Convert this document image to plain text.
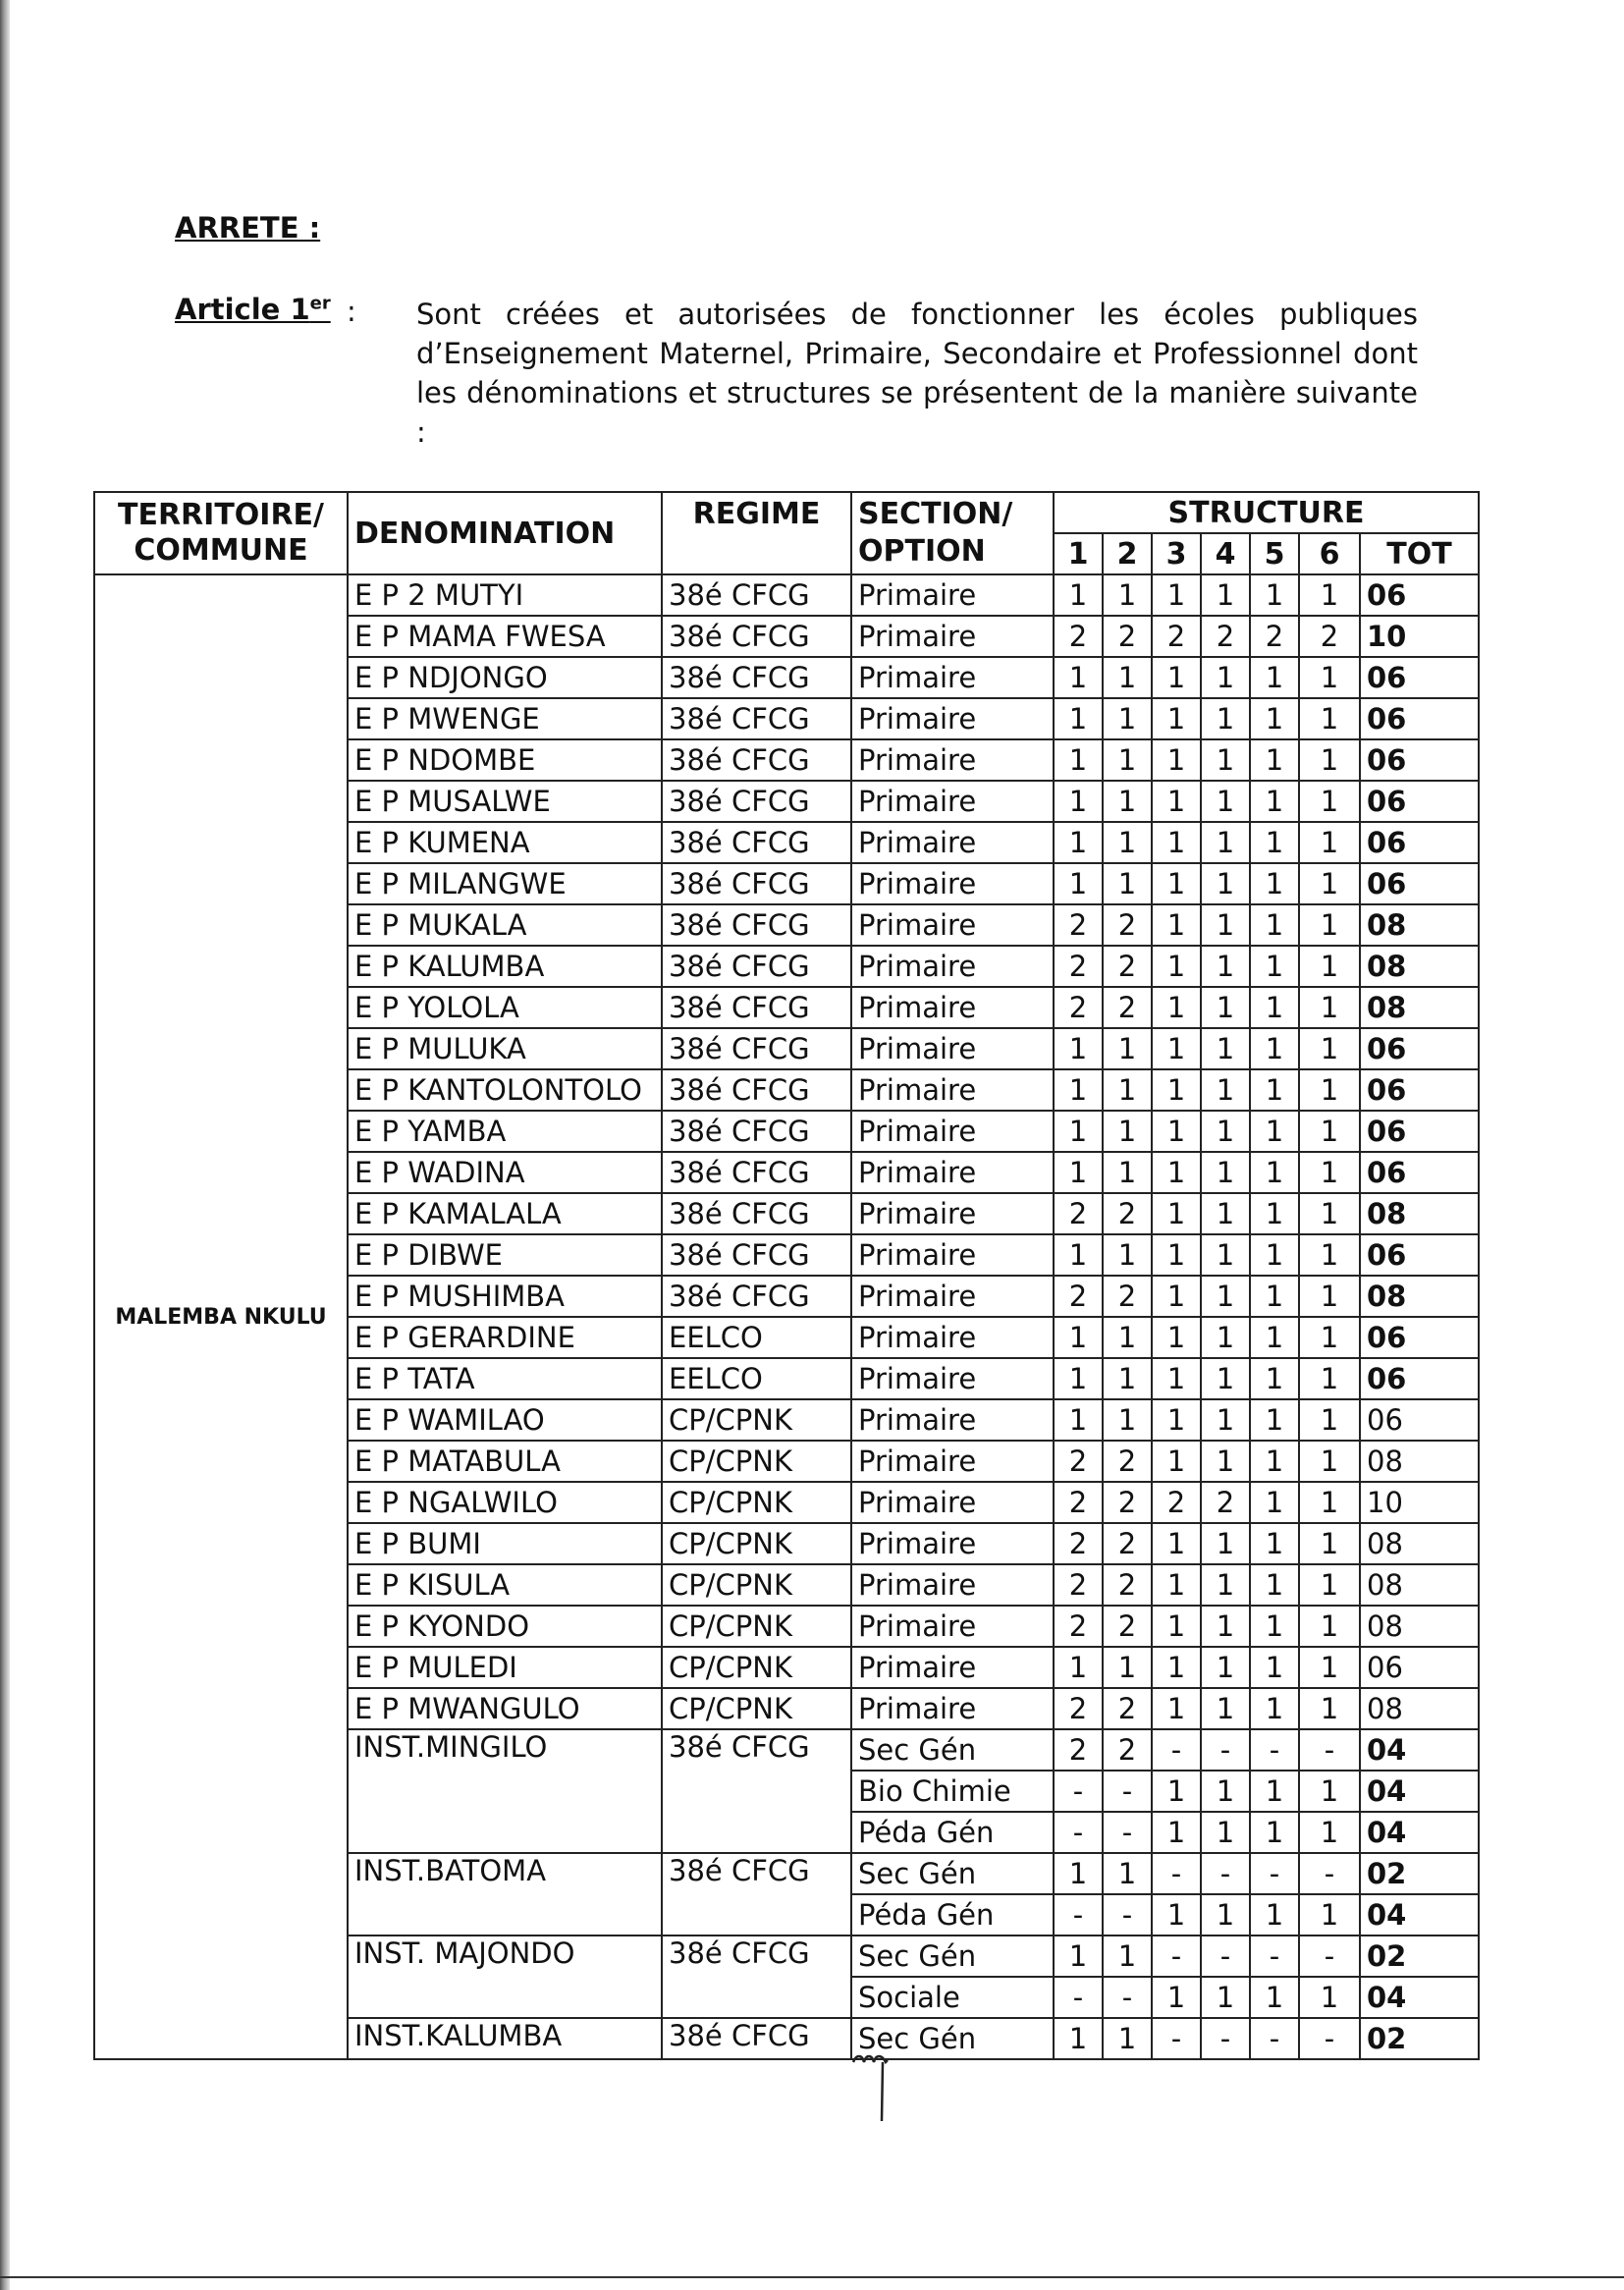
ARRETE :
Article 1er : Sont créées et autorisées de fonctionner les écoles publiques d’Enseignement Maternel, Primaire, Secondaire et Professionnel dont les dénominations et structures se présentent de la manière suivante :
TERRITOIRE/ COMMUNE	DENOMINATION	REGIME	SECTION/ OPTION	STRUCTURE						
				1	2	3	4	5	6	TOT
MALEMBA NKULU	E P 2 MUTYI	38é CFCG	Primaire	1	1	1	1	1	1	06
	E P MAMA FWESA	38é CFCG	Primaire	2	2	2	2	2	2	10
	E P NDJONGO	38é CFCG	Primaire	1	1	1	1	1	1	06
	E P MWENGE	38é CFCG	Primaire	1	1	1	1	1	1	06
	E P NDOMBE	38é CFCG	Primaire	1	1	1	1	1	1	06
	E P MUSALWE	38é CFCG	Primaire	1	1	1	1	1	1	06
	E P KUMENA	38é CFCG	Primaire	1	1	1	1	1	1	06
	E P MILANGWE	38é CFCG	Primaire	1	1	1	1	1	1	06
	E P MUKALA	38é CFCG	Primaire	2	2	1	1	1	1	08
	E P KALUMBA	38é CFCG	Primaire	2	2	1	1	1	1	08
	E P YOLOLA	38é CFCG	Primaire	2	2	1	1	1	1	08
	E P MULUKA	38é CFCG	Primaire	1	1	1	1	1	1	06
	E P KANTOLONTOLO	38é CFCG	Primaire	1	1	1	1	1	1	06
	E P YAMBA	38é CFCG	Primaire	1	1	1	1	1	1	06
	E P WADINA	38é CFCG	Primaire	1	1	1	1	1	1	06
	E P KAMALALA	38é CFCG	Primaire	2	2	1	1	1	1	08
	E P DIBWE	38é CFCG	Primaire	1	1	1	1	1	1	06
	E P MUSHIMBA	38é CFCG	Primaire	2	2	1	1	1	1	08
	E P GERARDINE	EELCO	Primaire	1	1	1	1	1	1	06
	E P TATA	EELCO	Primaire	1	1	1	1	1	1	06
	E P WAMILAO	CP/CPNK	Primaire	1	1	1	1	1	1	06
	E P MATABULA	CP/CPNK	Primaire	2	2	1	1	1	1	08
	E P NGALWILO	CP/CPNK	Primaire	2	2	2	2	1	1	10
	E P BUMI	CP/CPNK	Primaire	2	2	1	1	1	1	08
	E P KISULA	CP/CPNK	Primaire	2	2	1	1	1	1	08
	E P KYONDO	CP/CPNK	Primaire	2	2	1	1	1	1	08
	E P MULEDI	CP/CPNK	Primaire	1	1	1	1	1	1	06
	E P MWANGULO	CP/CPNK	Primaire	2	2	1	1	1	1	08
	INST.MINGILO	38é CFCG	Sec Gén	2	2	-	-	-	-	04
			Bio Chimie	-	-	1	1	1	1	04
			Péda Gén	-	-	1	1	1	1	04
	INST.BATOMA	38é CFCG	Sec Gén	1	1	-	-	-	-	02
			Péda Gén	-	-	1	1	1	1	04
	INST. MAJONDO	38é CFCG	Sec Gén	1	1	-	-	-	-	02
			Sociale	-	-	1	1	1	1	04
	INST.KALUMBA	38é CFCG	Sec Gén	1	1	-	-	-	-	02
